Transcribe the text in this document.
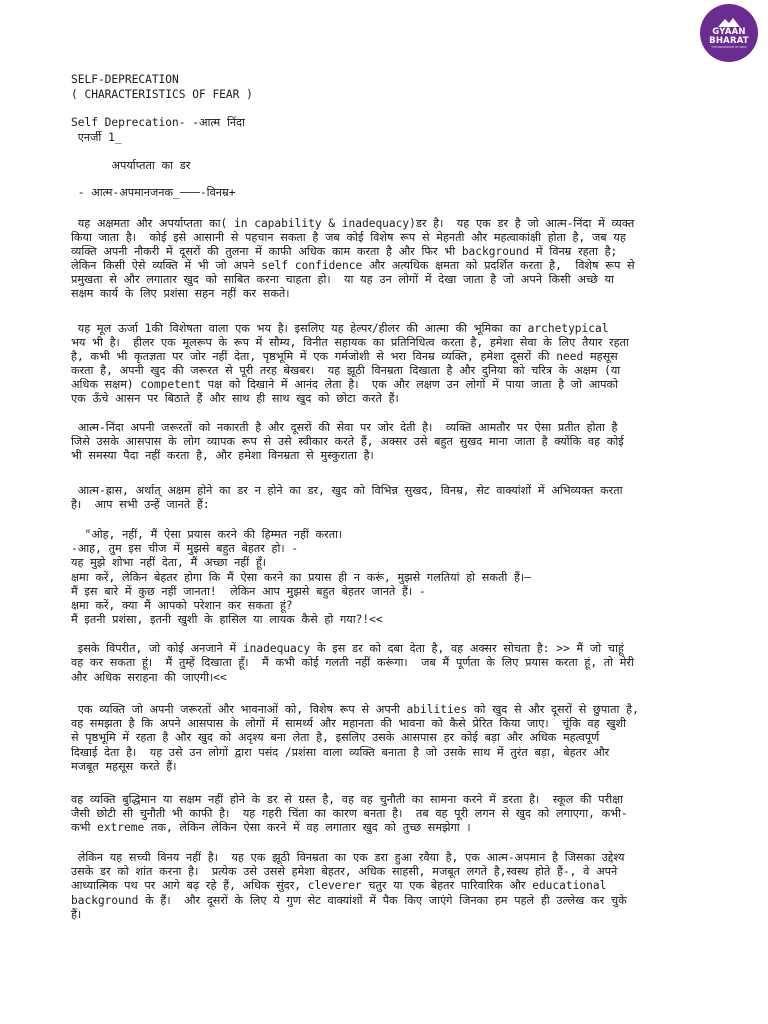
GYAAN
BHARAT
THE KNOWLEDGE OF INDIA
SELF-DEPRECATION
( CHARACTERISTICS OF FEAR )
Self Deprecation- -आत्म निंदा
एनर्जी 1_
अपर्याप्तता का डर
- आत्म-अपमानजनक_———-विनम्र+
यह अक्षमता और अपर्याप्तता का( in capability & inadequacy)डर है।  यह एक डर है जो आत्म-निंदा में व्यक्त
किया जाता है।  कोई इसे आसानी से पहचान सकता है जब कोई विशेष रूप से मेहनती और महत्वाकांक्षी होता है, जब यह
व्यक्ति अपनी नौकरी में दूसरों की तुलना में काफी अधिक काम करता है और फिर भी background में विनम्र रहता है;
लेकिन किसी ऐसे व्यक्ति में भी जो अपने self confidence और अत्यधिक क्षमता को प्रदर्शित करता है,  विशेष रूप से
प्रमुखता से और लगातार खुद को साबित करना चाहता हो।  या यह उन लोगों में देखा जाता है जो अपने किसी अच्छे या
सक्षम कार्य के लिए प्रशंसा सहन नहीं कर सकते।
यह मूल ऊर्जा 1की विशेषता वाला एक भय है। इसलिए यह हेल्पर/हीलर की आत्मा की भूमिका का archetypical
भय भी है।  हीलर एक मूलरूप के रूप में सौम्य, विनीत सहायक का प्रतिनिधित्व करता है, हमेशा सेवा के लिए तैयार रहता
है, कभी भी कृतज्ञता पर जोर नहीं देता, पृष्ठभूमि में एक गर्मजोशी से भरा विनम्र व्यक्ति, हमेशा दूसरों की need महसूस
करता है, अपनी खुद की जरूरत से पूरी तरह बेखबर।  यह झूठी विनम्रता दिखाता है और दुनिया को चरित्र के अक्षम (या
अधिक सक्षम) competent पक्ष को दिखाने में आनंद लेता है।  एक और लक्षण उन लोगों में पाया जाता है जो आपको
एक ऊँचे आसन पर बिठाते हैं और साथ ही साथ खुद को छोटा करते हैं।
आत्म-निंदा अपनी जरूरतों को नकारती है और दूसरों की सेवा पर जोर देती है।  व्यक्ति आमतौर पर ऐसा प्रतीत होता है
जिसे उसके आसपास के लोग व्यापक रूप से उसे स्वीकार करते हैं, अक्सर उसे बहुत सुखद माना जाता है क्योंकि वह कोई
भी समस्या पैदा नहीं करता है, और हमेशा विनम्रता से मुस्कुराता है।
आत्म-ह्रास, अर्थात् अक्षम होने का डर न होने का डर, खुद को विभिन्न सुखद, विनम्र, सेट वाक्यांशों में अभिव्यक्त करता
है।  आप सभी उन्हें जानते हैं:
"ओह, नहीं, मैं ऐसा प्रयास करने की हिम्मत नहीं करता।
-आह, तुम इस चीज में मुझसे बहुत बेहतर हो। -
यह मुझे शोभा नहीं देता, मैं अच्छा नहीं हूँ।
क्षमा करें, लेकिन बेहतर होगा कि मैं ऐसा करने का प्रयास ही न करूं, मुझसे गलतियां हो सकती हैं।—
मैं इस बारे में कुछ नहीं जानता!  लेकिन आप मुझसे बहुत बेहतर जानते हैं। -
क्षमा करें, क्या मैं आपको परेशान कर सकता हूं?
मैं इतनी प्रशंसा, इतनी खुशी के हासिल या लायक कैसे हो गया?!<<
इसके विपरीत, जो कोई अनजाने में inadequacy के इस डर को दबा देता है, वह अक्सर सोचता है: >> मैं जो चाहूं
वह कर सकता हूं।  मैं तुम्हें दिखाता हूँ।  मैं कभी कोई गलती नहीं करूंगा।  जब मैं पूर्णता के लिए प्रयास करता हूं, तो मेरी
और अधिक सराहना की जाएगी।<<
एक व्यक्ति जो अपनी जरूरतों और भावनाओं को, विशेष रूप से अपनी abilities को खुद से और दूसरों से छुपाता है,
वह समझता है कि अपने आसपास के लोगों में सामर्थ्य और महानता की भावना को कैसे प्रेरित किया जाए।  चूंकि वह खुशी
से पृष्ठभूमि में रहता है और खुद को अदृश्य बना लेता है, इसलिए उसके आसपास हर कोई बड़ा और अधिक महत्वपूर्ण
दिखाई देता है।  यह उसे उन लोगों द्वारा पसंद /प्रशंसा वाला व्यक्ति बनाता है जो उसके साथ में तुरंत बड़ा, बेहतर और
मजबूत महसूस करते हैं।
वह व्यक्ति बुद्धिमान या सक्षम नहीं होने के डर से ग्रस्त है, वह वह चुनौती का सामना करने में डरता है।  स्कूल की परीक्षा
जैसी छोटी सी चुनौती भी काफी है।  यह गहरी चिंता का कारण बनता है।  तब वह पूरी लगन से खुद को लगाएगा, कभी-
कभी extreme तक, लेकिन लेकिन ऐसा करने में वह लगातार खुद को तुच्छ समझेगा ।
लेकिन यह सच्ची विनय नहीं है।  यह एक झूठी विनम्रता का एक डरा हुआ रवैया है, एक आत्म-अपमान है जिसका उद्देश्य
उसके डर को शांत करना है।  प्रत्येक उसे उससे हमेशा बेहतर, अधिक साहसी, मजबूत लगते है,स्वस्थ होते हैं-, वे अपने
आध्यात्मिक पथ पर आगे बढ़ रहे हैं, अधिक सुंदर, cleverer चतुर या एक बेहतर पारिवारिक और educational
background के हैं।  और दूसरों के लिए ये गुण सेट वाक्यांशों में पैक किए जाएंगे जिनका हम पहले ही उल्लेख कर चुके
हैं।
